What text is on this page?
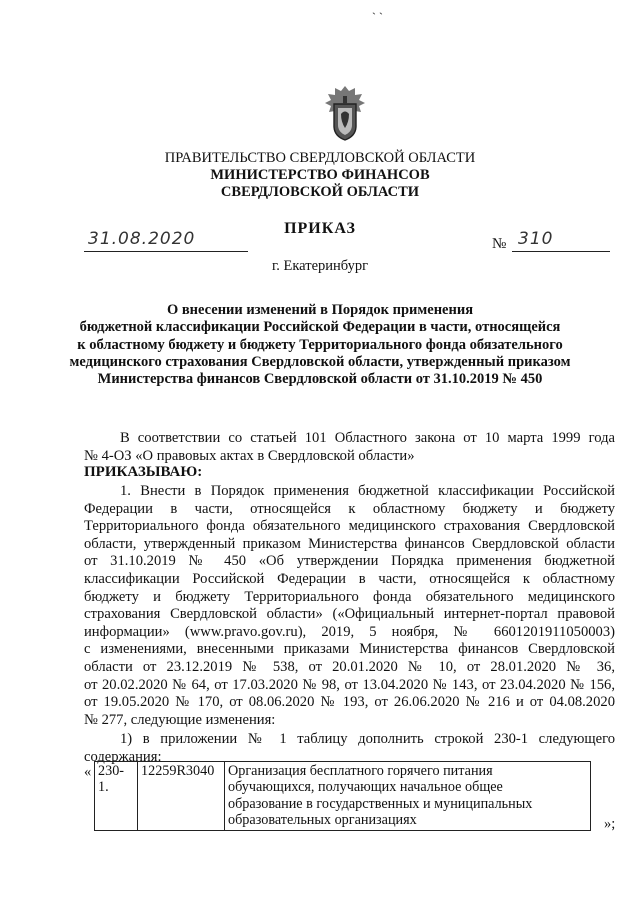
` `
ПРАВИТЕЛЬСТВО СВЕРДЛОВСКОЙ ОБЛАСТИ
МИНИСТЕРСТВО ФИНАНСОВ
СВЕРДЛОВСКОЙ ОБЛАСТИ
ПРИКАЗ
31.08.2020	№ 310
г. Екатеринбург
О внесении изменений в Порядок применения
бюджетной классификации Российской Федерации в части, относящейся
к областному бюджету и бюджету Территориального фонда обязательного
медицинского страхования Свердловской области, утвержденный приказом
Министерства финансов Свердловской области от 31.10.2019 № 450
В соответствии со статьей 101 Областного закона от 10 марта 1999 года
№ 4-ОЗ «О правовых актах в Свердловской области»
ПРИКАЗЫВАЮ:
1. Внести в Порядок применения бюджетной классификации Российской
Федерации в части, относящейся к областному бюджету и бюджету
Территориального фонда обязательного медицинского страхования Свердловской
области, утвержденный приказом Министерства финансов Свердловской области
от 31.10.2019 № 450 «Об утверждении Порядка применения бюджетной
классификации Российской Федерации в части, относящейся к областному
бюджету и бюджету Территориального фонда обязательного медицинского
страхования Свердловской области» («Официальный интернет-портал правовой
информации» (www.pravo.gov.ru), 2019, 5 ноября, № 6601201911050003)
с изменениями, внесенными приказами Министерства финансов Свердловской
области от 23.12.2019 № 538, от 20.01.2020 № 10, от 28.01.2020 № 36,
от 20.02.2020 № 64, от 17.03.2020 № 98, от 13.04.2020 № 143, от 23.04.2020 № 156,
от 19.05.2020 № 170, от 08.06.2020 № 193, от 26.06.2020 № 216 и от 04.08.2020
№ 277, следующие изменения:
1) в приложении № 1 таблицу дополнить строкой 230-1 следующего
содержания:
« 230-1.	12259R3040	Организация бесплатного горячего питания
обучающихся, получающих начальное общее
образование в государственных и муниципальных
образовательных организациях	»;
